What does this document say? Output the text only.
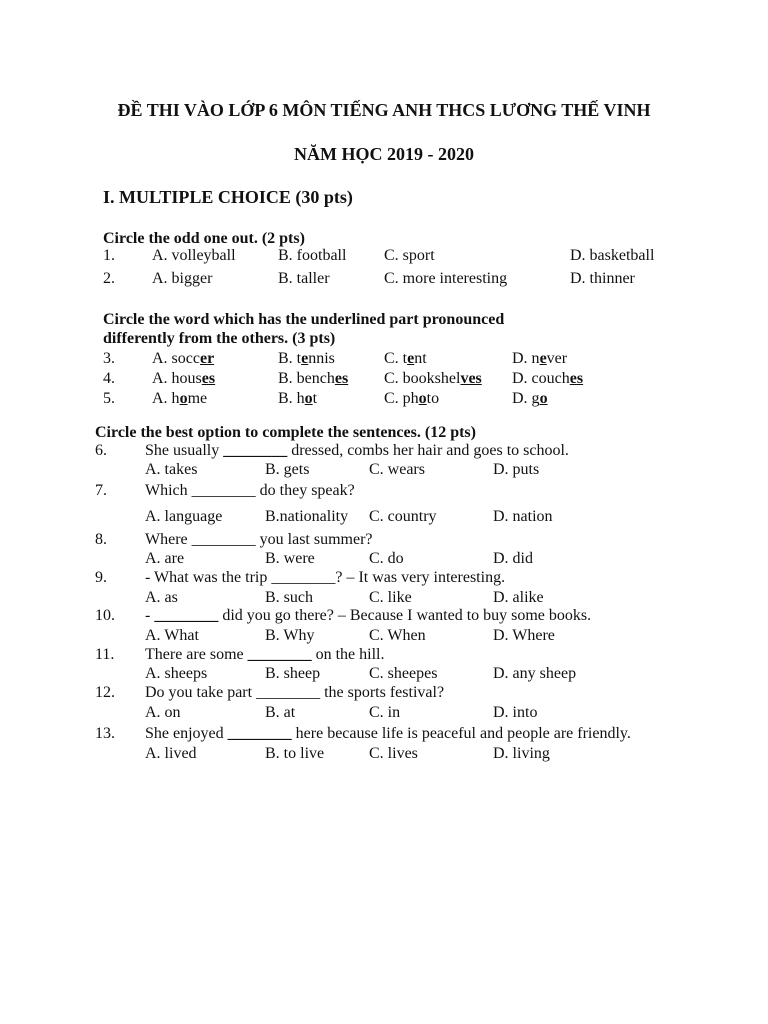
ĐỀ THI VÀO LỚP 6 MÔN TIẾNG ANH THCS LƯƠNG THẾ VINH
NĂM HỌC 2019 - 2020
I. MULTIPLE CHOICE (30 pts)
Circle the odd one out. (2 pts)
1. A. volleyball	B. football C. sport	D. basketball
2. A. bigger	B. taller	C. more interesting	D. thinner
Circle the word which has the underlined part pronounced
differently from the others. (3 pts)
3. A. soccer	B. tennis	C. tent	D. never
4. A. houses	B. benches C. bookshelves D. couches
5. A. home	B. hot	C. photo	D. go
Circle the best option to complete the sentences. (12 pts)
6. She usually ________ dressed, combs her hair and goes to school.
A. takes	B. gets	C. wears	D. puts
7. Which ________ do they speak?
A. language	B.nationality C. country	D. nation
8. Where ________ you last summer?
A. are	B. were	C. do	D. did
9. - What was the trip ________? – It was very interesting.
A. as	B. such	C. like	D. alike
10. - ________ did you go there? – Because I wanted to buy some books.
A. What	B. Why	C. When	D. Where
11. There are some ________ on the hill.
A. sheeps	B. sheep	C. sheepes	D. any sheep
12. Do you take part ________ the sports festival?
A. on	B. at	C. in	D. into
13. She enjoyed ________ here because life is peaceful and people are friendly.
A. lived	B. to live	C. lives	D. living
